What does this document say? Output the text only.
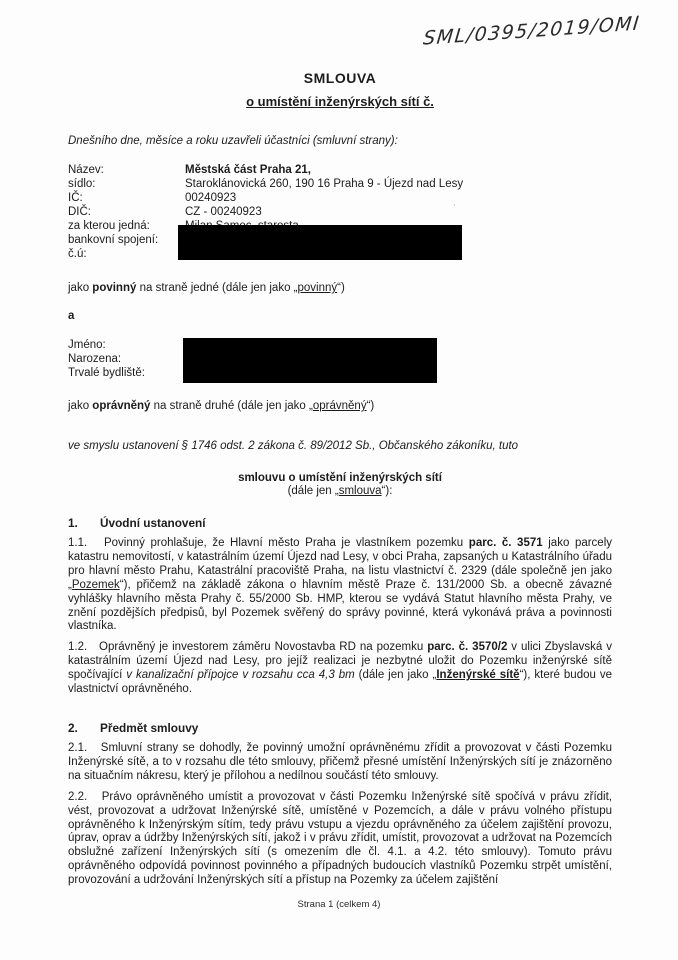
SML/0395/2019/OMI
ˈ
SMLOUVA
o umístění inženýrských sítí č.
Dnešního dne, měsíce a roku uzavřeli účastníci (smluvní strany):
Název:	Městská část Praha 21,
sídlo:	Staroklánovická 260, 190 16 Praha 9 - Újezd nad Lesy
IČ:	00240923
DIČ:	CZ - 00240923
za kterou jedná:
bankovní spojení:
č.ú:
jako povinný na straně jedné (dále jen jako „povinný“)
a
Jméno:
Narozena:
Trvalé bydliště:
jako oprávněný na straně druhé (dále jen jako „oprávněný“)
ve smyslu ustanovení § 1746 odst. 2 zákona č. 89/2012 Sb., Občanského zákoníku, tuto
smlouvu o umístění inženýrských sítí
(dále jen „smlouva“):
1.	Úvodní ustanovení
1.1.   Povinný prohlašuje, že Hlavní město Praha je vlastníkem pozemku parc. č. 3571 jako parcely katastru nemovitostí, v katastrálním území Újezd nad Lesy, v obci Praha, zapsaných u Katastrálního úřadu pro hlavní město Prahu, Katastrální pracoviště Praha, na listu vlastnictví č. 2329 (dále společně jen jako „Pozemek“), přičemž na základě zákona o hlavním městě Praze č. 131/2000 Sb. a obecně závazné vyhlášky hlavního města Prahy č. 55/2000 Sb. HMP, kterou se vydává Statut hlavního města Prahy, ve znění pozdějších předpisů, byl Pozemek svěřený do správy povinné, která vykonává práva a povinnosti vlastníka.
1.2.   Oprávněný je investorem záměru Novostavba RD na pozemku parc. č. 3570/2 v ulici Zbyslavská v katastrálním území Újezd nad Lesy, pro jejíž realizaci je nezbytné uložit do Pozemku inženýrské sítě spočívající v kanalizační přípojce v rozsahu cca 4,3 bm (dále jen jako „Inženýrské sítě“), které budou ve vlastnictví oprávněného.
2.	Předmět smlouvy
2.1.   Smluvní strany se dohodly, že povinný umožní oprávněnému zřídit a provozovat v části Pozemku Inženýrské sítě, a to v rozsahu dle této smlouvy, přičemž přesné umístění Inženýrských sítí je znázorněno na situačním nákresu, který je přílohou a nedílnou součástí této smlouvy.
2.2.   Právo oprávněného umístit a provozovat v části Pozemku Inženýrské sítě spočívá v právu zřídit, vést, provozovat a udržovat Inženýrské sítě, umístěné v Pozemcích, a dále v právu volného přístupu oprávněného k Inženýrským sítím, tedy právu vstupu a vjezdu oprávněného za účelem zajištění provozu, úprav, oprav a údržby Inženýrských sítí, jakož i v právu zřídit, umístit, provozovat a udržovat na Pozemcích obslužné zařízení Inženýrských sítí (s omezením dle čl. 4.1. a 4.2. této smlouvy). Tomuto právu oprávněného odpovídá povinnost povinného a případných budoucích vlastníků Pozemku strpět umístění, provozování a udržování Inženýrských sítí a přístup na Pozemky za účelem zajištění
Strana 1 (celkem 4)
